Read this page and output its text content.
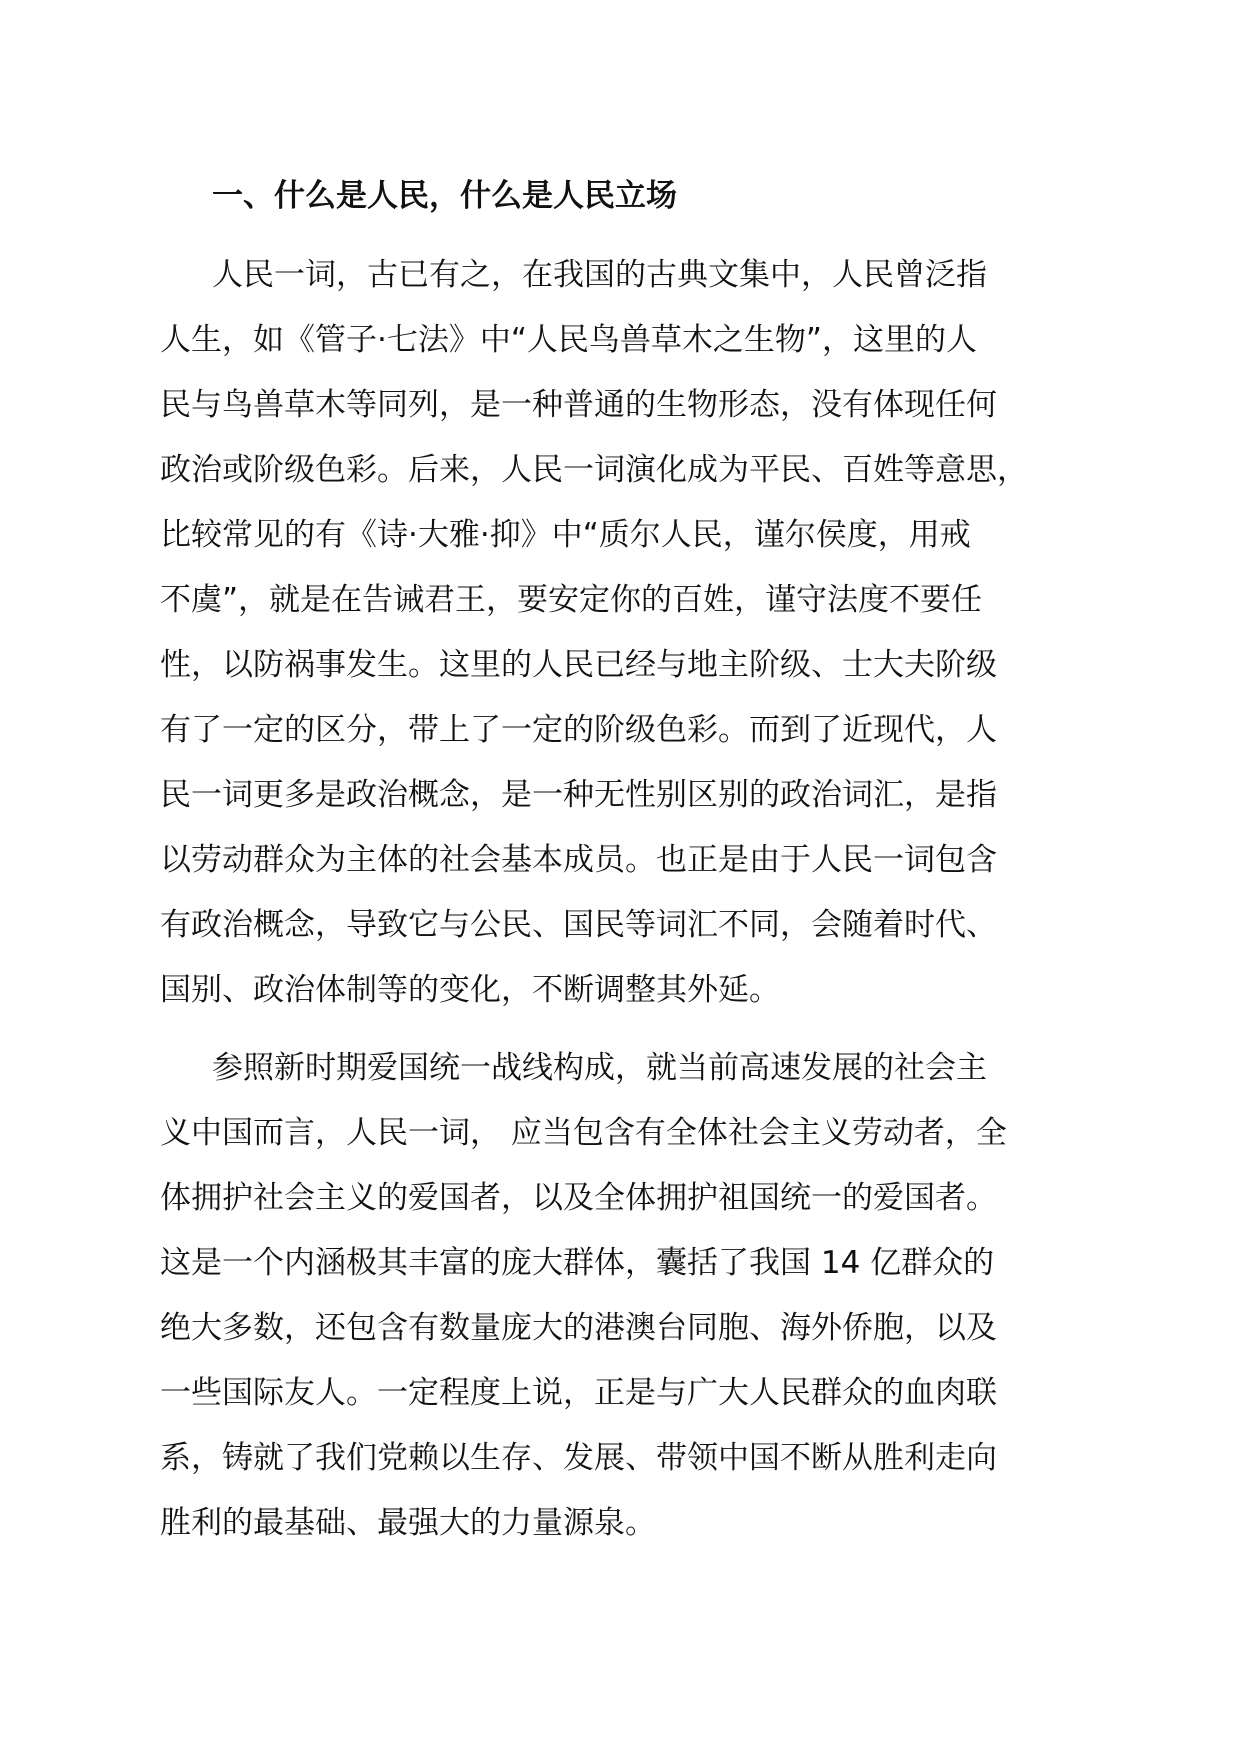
一、什么是人民，什么是人民立场
人民一词，古已有之，在我国的古典文集中，人民曾泛指
人生，如《管子·七法》中“人民鸟兽草木之生物”，这里的人
民与鸟兽草木等同列，是一种普通的生物形态，没有体现任何
政治或阶级色彩。后来，人民一词演化成为平民、百姓等意思，
比较常见的有《诗·大雅·抑》中“质尔人民，谨尔侯度，用戒
不虞”，就是在告诫君王，要安定你的百姓，谨守法度不要任
性，以防祸事发生。这里的人民已经与地主阶级、士大夫阶级
有了一定的区分，带上了一定的阶级色彩。而到了近现代，人
民一词更多是政治概念，是一种无性别区别的政治词汇，是指
以劳动群众为主体的社会基本成员。也正是由于人民一词包含
有政治概念，导致它与公民、国民等词汇不同，会随着时代、
国别、政治体制等的变化，不断调整其外延。
参照新时期爱国统一战线构成，就当前高速发展的社会主
义中国而言，人民一词， 应当包含有全体社会主义劳动者，全
体拥护社会主义的爱国者，以及全体拥护祖国统一的爱国者。
这是一个内涵极其丰富的庞大群体，囊括了我国 14 亿群众的
绝大多数，还包含有数量庞大的港澳台同胞、海外侨胞，以及
一些国际友人。一定程度上说，正是与广大人民群众的血肉联
系，铸就了我们党赖以生存、发展、带领中国不断从胜利走向
胜利的最基础、最强大的力量源泉。
